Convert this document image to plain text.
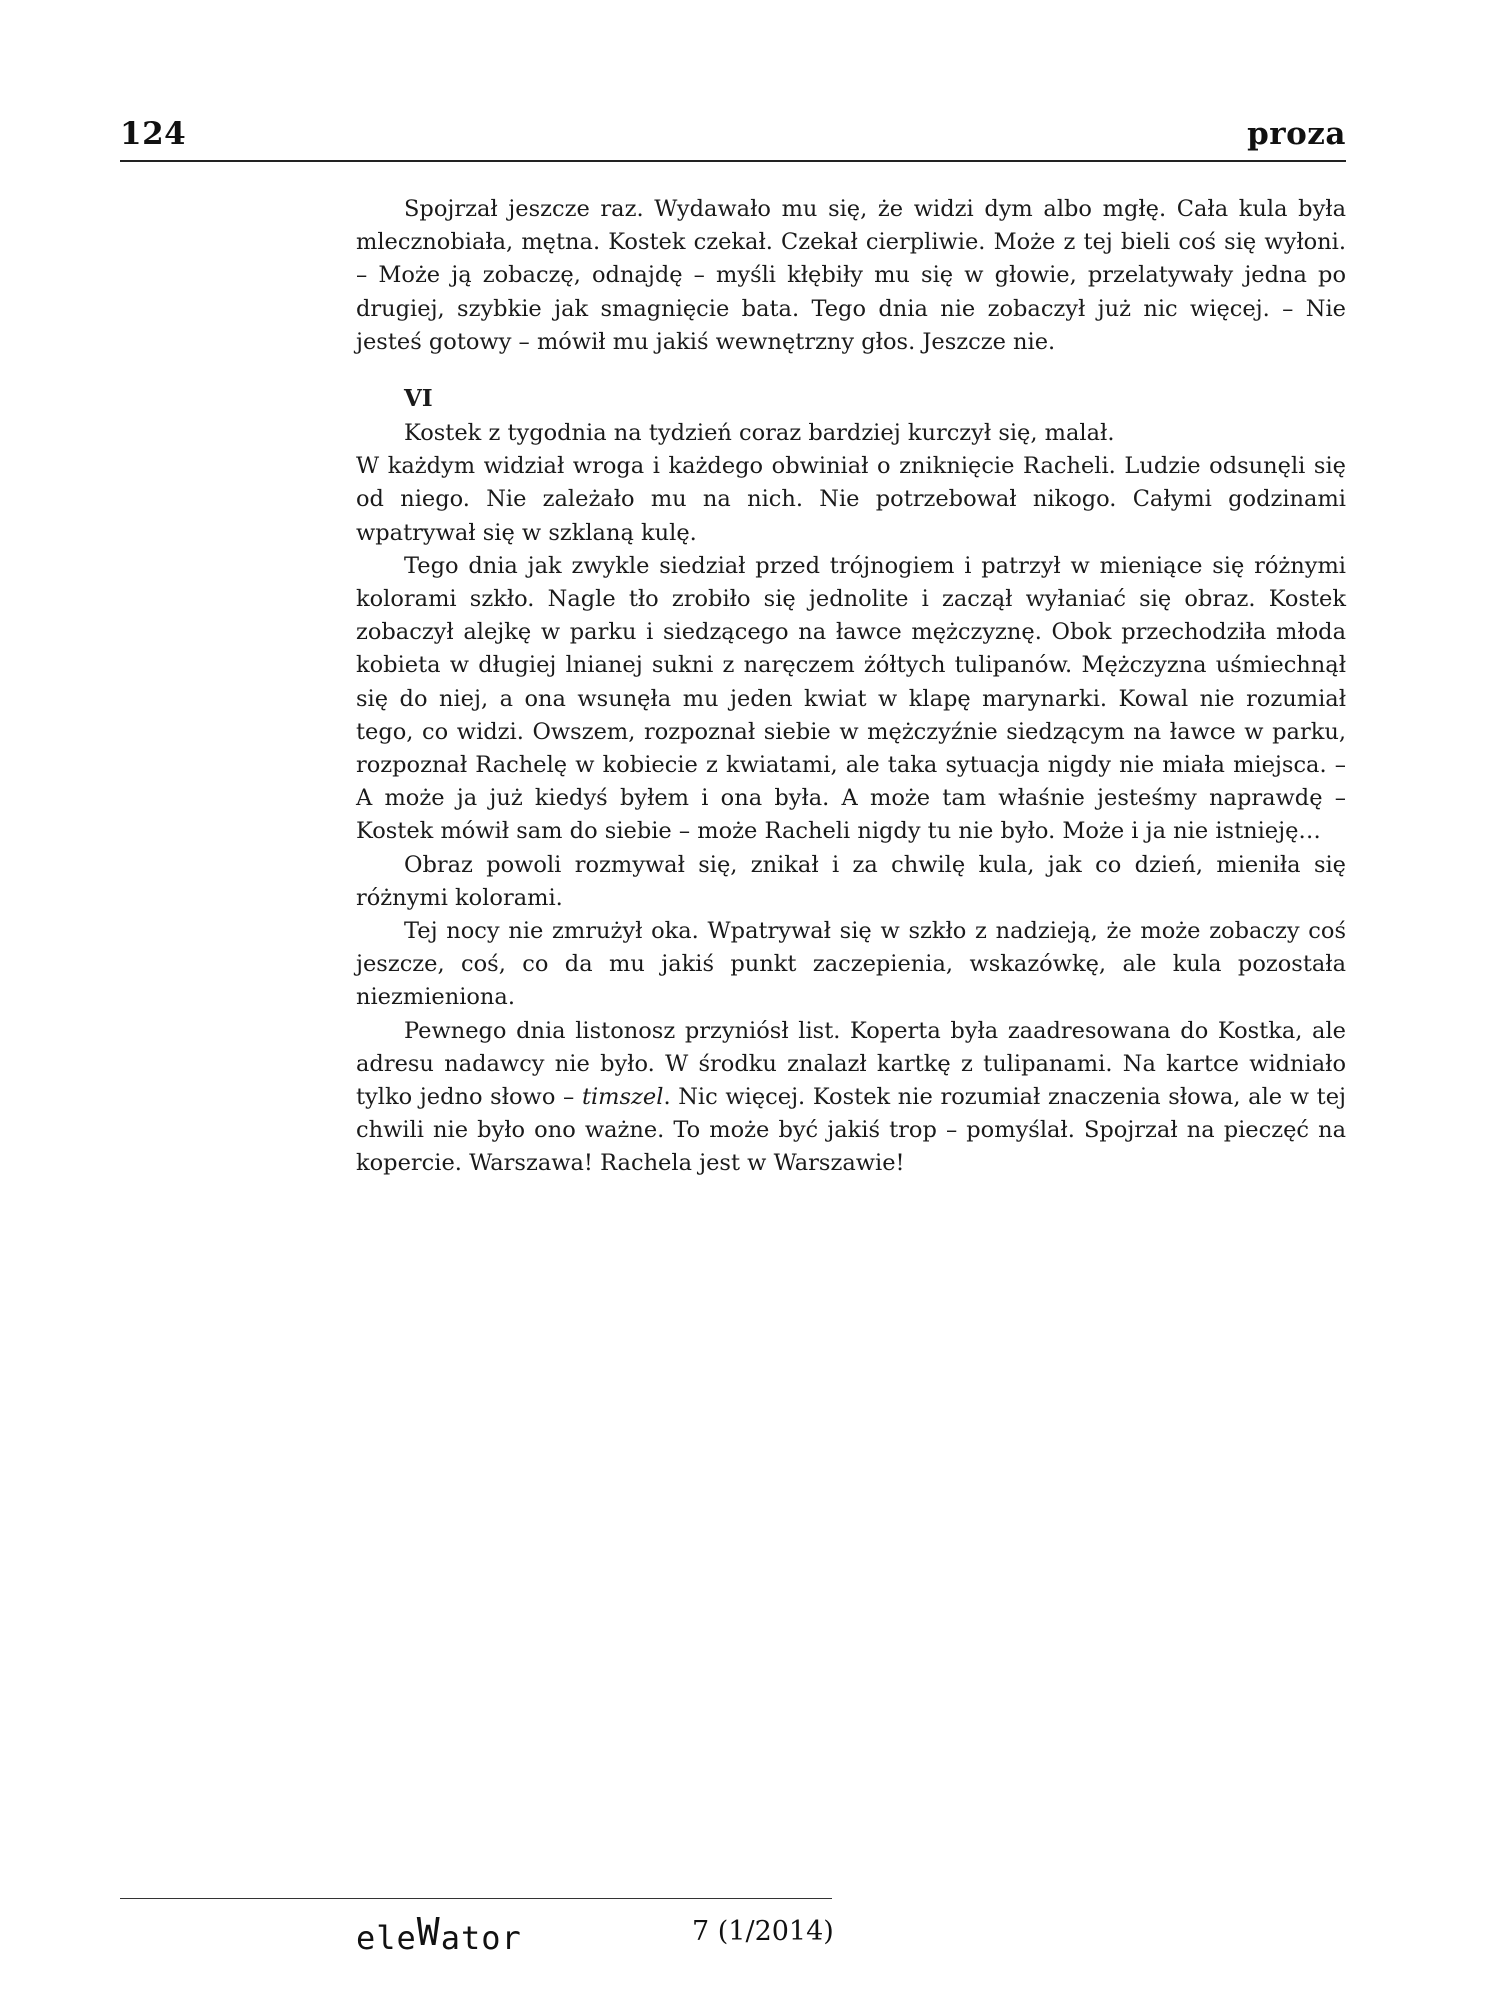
124	proza

Spojrzał jeszcze raz. Wydawało mu się, że widzi dym albo mgłę. Cała kula była mlecznobiała, mętna. Kostek czekał. Czekał cierpliwie. Może z tej bieli coś się wyłoni. – Może ją zobaczę, odnajdę – myśli kłębiły mu się w głowie, przelatywały jedna po drugiej, szybkie jak smagnięcie bata. Tego dnia nie zobaczył już nic więcej. – Nie jesteś gotowy – mówił mu jakiś wewnętrzny głos. Jeszcze nie.

VI

Kostek z tygodnia na tydzień coraz bardziej kurczył się, malał.

W każdym widział wroga i każdego obwiniał o zniknięcie Racheli. Ludzie odsunęli się od niego. Nie zależało mu na nich. Nie potrzebował nikogo. Całymi godzinami wpatrywał się w szklaną kulę.

Tego dnia jak zwykle siedział przed trójnogiem i patrzył w mieniące się różnymi kolorami szkło. Nagle tło zrobiło się jednolite i zaczął wyłaniać się obraz. Kostek zobaczył alejkę w parku i siedzącego na ławce mężczyznę. Obok przechodziła młoda kobieta w długiej lnianej sukni z naręczem żółtych tulipanów. Mężczyzna uśmiechnął się do niej, a ona wsunęła mu jeden kwiat w klapę marynarki. Kowal nie rozumiał tego, co widzi. Owszem, rozpoznał siebie w mężczyźnie siedzącym na ławce w parku, rozpoznał Rachelę w kobiecie z kwiatami, ale taka sytuacja nigdy nie miała miejsca. – A może ja już kiedyś byłem i ona była. A może tam właśnie jesteśmy naprawdę – Kostek mówił sam do siebie – może Racheli nigdy tu nie było. Może i ja nie istnieję…

Obraz powoli rozmywał się, znikał i za chwilę kula, jak co dzień, mieniła się różnymi kolorami.

Tej nocy nie zmrużył oka. Wpatrywał się w szkło z nadzieją, że może zobaczy coś jeszcze, coś, co da mu jakiś punkt zaczepienia, wskazówkę, ale kula pozostała niezmieniona.

Pewnego dnia listonosz przyniósł list. Koperta była zaadresowana do Kostka, ale adresu nadawcy nie było. W środku znalazł kartkę z tulipanami. Na kartce widniało tylko jedno słowo – timszel. Nic więcej. Kostek nie rozumiał znaczenia słowa, ale w tej chwili nie było ono ważne. To może być jakiś trop – pomyślał. Spojrzał na pieczęć na kopercie. Warszawa! Rachela jest w Warszawie!

eleWator	7 (1/2014)
